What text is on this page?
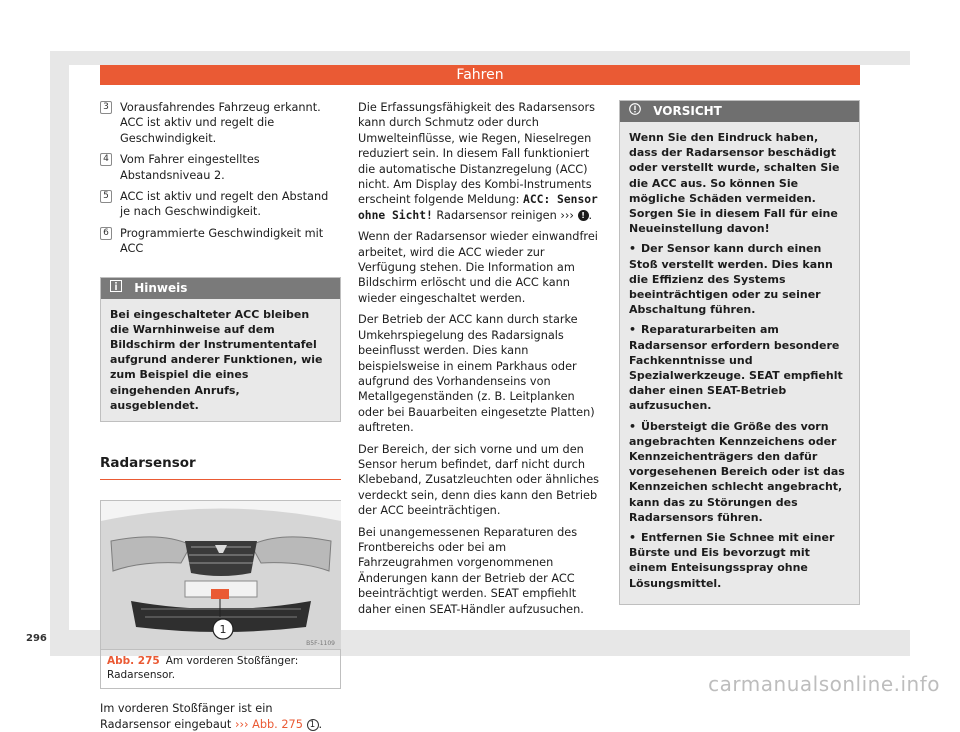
Fahren
3 Vorausfahrendes Fahrzeug erkannt. ACC ist aktiv und regelt die Geschwindigkeit.
4 Vom Fahrer eingestelltes Abstandsniveau 2.
5 ACC ist aktiv und regelt den Abstand je nach Geschwindigkeit.
6 Programmierte Geschwindigkeit mit ACC
Hinweis
Bei eingeschalteter ACC bleiben die Warnhinweise auf dem Bildschirm der Instrumententafel aufgrund anderer Funktionen, wie zum Beispiel die eines eingehenden Anrufs, ausgeblendet.
Radarsensor
1
B5F-1109
Abb. 275 Am vorderen Stoßfänger: Radarsensor.
Im vorderen Stoßfänger ist ein Radarsensor eingebaut ››› Abb. 275 1 .

Die Erfassungsfähigkeit des Radarsensors kann durch Schmutz oder durch Umwelteinflüsse, wie Regen, Nieselregen reduziert sein. In diesem Fall funktioniert die automatische Distanzregelung (ACC) nicht. Am Display des Kombi-Instruments erscheint folgende Meldung: ACC: Sensor ohne Sicht! Radarsensor reinigen ››› ! .

Wenn der Radarsensor wieder einwandfrei arbeitet, wird die ACC wieder zur Verfügung stehen. Die Information am Bildschirm erlöscht und die ACC kann wieder eingeschaltet werden.

Der Betrieb der ACC kann durch starke Umkehrspiegelung des Radarsignals beeinflusst werden. Dies kann beispielsweise in einem Parkhaus oder aufgrund des Vorhandenseins von Metallgegenständen (z. B. Leitplanken oder bei Bauarbeiten eingesetzte Platten) auftreten.

Der Bereich, der sich vorne und um den Sensor herum befindet, darf nicht durch Klebeband, Zusatzleuchten oder ähnliches verdeckt sein, denn dies kann den Betrieb der ACC beeinträchtigen.

Bei unangemessenen Reparaturen des Frontbereichs oder bei am Fahrzeugrahmen vorgenommenen Änderungen kann der Betrieb der ACC beeinträchtigt werden. SEAT empfiehlt daher einen SEAT-Händler aufzusuchen.

VORSICHT

Wenn Sie den Eindruck haben, dass der Radarsensor beschädigt oder verstellt wurde, schalten Sie die ACC aus. So können Sie mögliche Schäden vermeiden. Sorgen Sie in diesem Fall für eine Neueinstellung davon!

• Der Sensor kann durch einen Stoß verstellt werden. Dies kann die Effizienz des Systems beeinträchtigen oder zu seiner Abschaltung führen.

• Reparaturarbeiten am Radarsensor erfordern besondere Fachkenntnisse und Spezialwerkzeuge. SEAT empfiehlt daher einen SEAT-Betrieb aufzusuchen.

• Übersteigt die Größe des vorn angebrachten Kennzeichens oder Kennzeichenträgers den dafür vorgesehenen Bereich oder ist das Kennzeichen schlecht angebracht, kann das zu Störungen des Radarsensors führen.

• Entfernen Sie Schnee mit einer Bürste und Eis bevorzugt mit einem Enteisungsspray ohne Lösungsmittel.

296
carmanualsonline.info
